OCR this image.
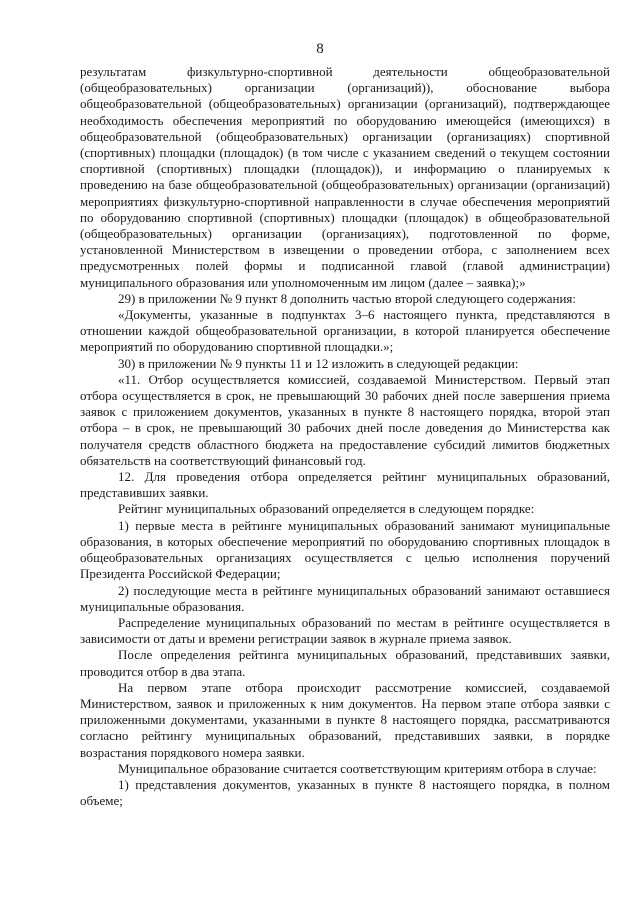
8

результатам физкультурно-спортивной деятельности общеобразовательной (общеобразовательных) организации (организаций)), обоснование выбора общеобразовательной (общеобразовательных) организации (организаций), подтверждающее необходимость обеспечения мероприятий по оборудованию имеющейся (имеющихся) в общеобразовательной (общеобразовательных) организации (организациях) спортивной (спортивных) площадки (площадок) (в том числе с указанием сведений о текущем состоянии спортивной (спортивных) площадки (площадок)), и информацию о планируемых к проведению на базе общеобразовательной (общеобразовательных) организации (организаций) мероприятиях физкультурно-спортивной направленности в случае обеспечения мероприятий по оборудованию спортивной (спортивных) площадки (площадок) в общеобразовательной (общеобразовательных) организации (организациях), подготовленной по форме, установленной Министерством в извещении о проведении отбора, с заполнением всех предусмотренных полей формы и подписанной главой (главой администрации) муниципального образования или уполномоченным им лицом (далее – заявка);»

29) в приложении № 9 пункт 8 дополнить частью второй следующего содержания:

«Документы, указанные в подпунктах 3–6 настоящего пункта, представляются в отношении каждой общеобразовательной организации, в которой планируется обеспечение мероприятий по оборудованию спортивной площадки.»;

30) в приложении № 9 пункты 11 и 12 изложить в следующей редакции:

«11. Отбор осуществляется комиссией, создаваемой Министерством. Первый этап отбора осуществляется в срок, не превышающий 30 рабочих дней после завершения приема заявок с приложением документов, указанных в пункте 8 настоящего порядка, второй этап отбора – в срок, не превышающий 30 рабочих дней после доведения до Министерства как получателя средств областного бюджета на предоставление субсидий лимитов бюджетных обязательств на соответствующий финансовый год.

12. Для проведения отбора определяется рейтинг муниципальных образований, представивших заявки.

Рейтинг муниципальных образований определяется в следующем порядке:

1) первые места в рейтинге муниципальных образований занимают муниципальные образования, в которых обеспечение мероприятий по оборудованию спортивных площадок в общеобразовательных организациях осуществляется с целью исполнения поручений Президента Российской Федерации;

2) последующие места в рейтинге муниципальных образований занимают оставшиеся муниципальные образования.

Распределение муниципальных образований по местам в рейтинге осуществляется в зависимости от даты и времени регистрации заявок в журнале приема заявок.

После определения рейтинга муниципальных образований, представивших заявки, проводится отбор в два этапа.

На первом этапе отбора происходит рассмотрение комиссией, создаваемой Министерством, заявок и приложенных к ним документов. На первом этапе отбора заявки с приложенными документами, указанными в пункте 8 настоящего порядка, рассматриваются согласно рейтингу муниципальных образований, представивших заявки, в порядке возрастания порядкового номера заявки.

Муниципальное образование считается соответствующим критериям отбора в случае:

1) представления документов, указанных в пункте 8 настоящего порядка, в полном объеме;
